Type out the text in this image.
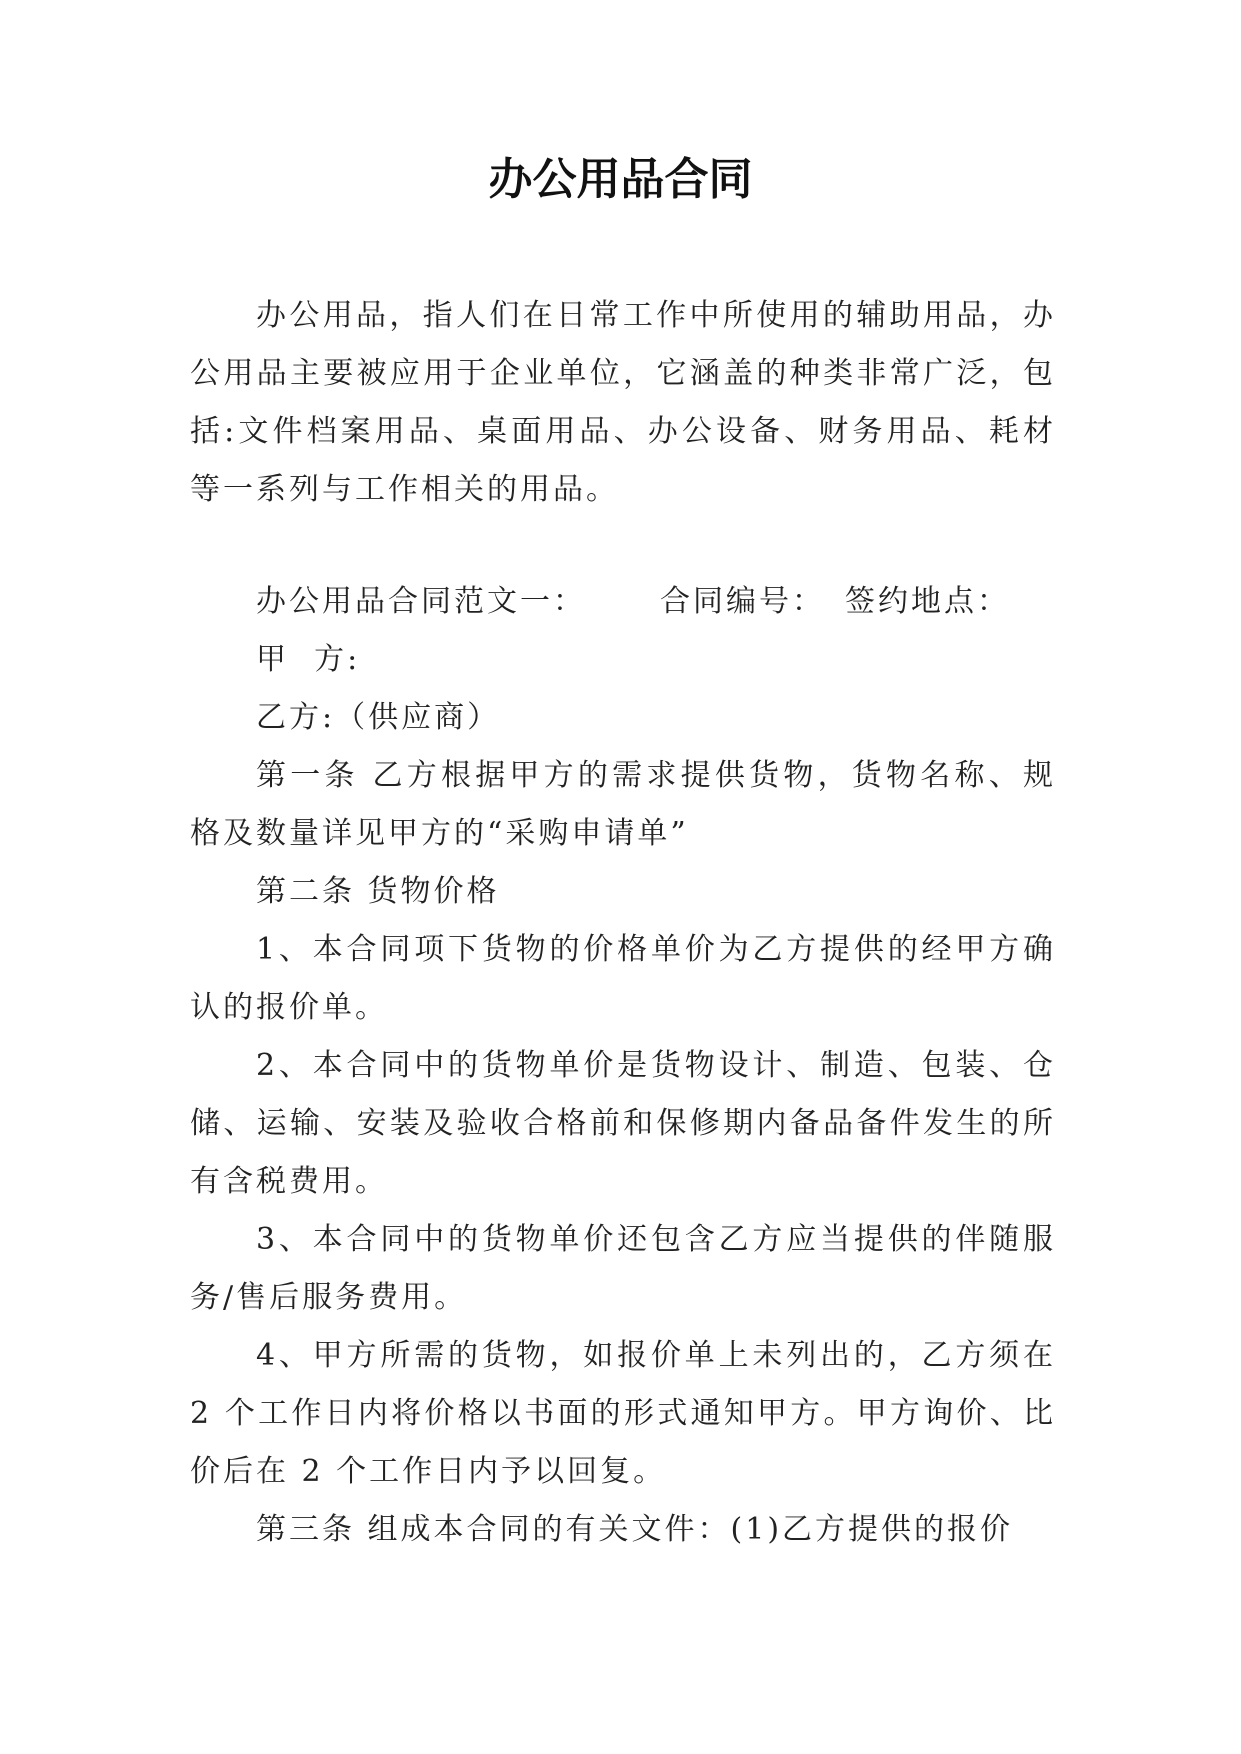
办公用品合同

办公用品，指人们在日常工作中所使用的辅助用品，办公用品主要被应用于企业单位，它涵盖的种类非常广泛，包括:文件档案用品、桌面用品、办公设备、财务用品、耗材等一系列与工作相关的用品。

办公用品合同范文一： 合同编号： 签约地点：

甲  方:

乙方:（供应商）

第一条 乙方根据甲方的需求提供货物，货物名称、规格及数量详见甲方的“采购申请单”

第二条 货物价格

1、本合同项下货物的价格单价为乙方提供的经甲方确认的报价单。

2、本合同中的货物单价是货物设计、制造、包装、仓储、运输、安装及验收合格前和保修期内备品备件发生的所有含税费用。

3、本合同中的货物单价还包含乙方应当提供的伴随服务/售后服务费用。

4、甲方所需的货物，如报价单上未列出的，乙方须在 2 个工作日内将价格以书面的形式通知甲方。甲方询价、比价后在 2 个工作日内予以回复。

第三条 组成本合同的有关文件：(1)乙方提供的报价
